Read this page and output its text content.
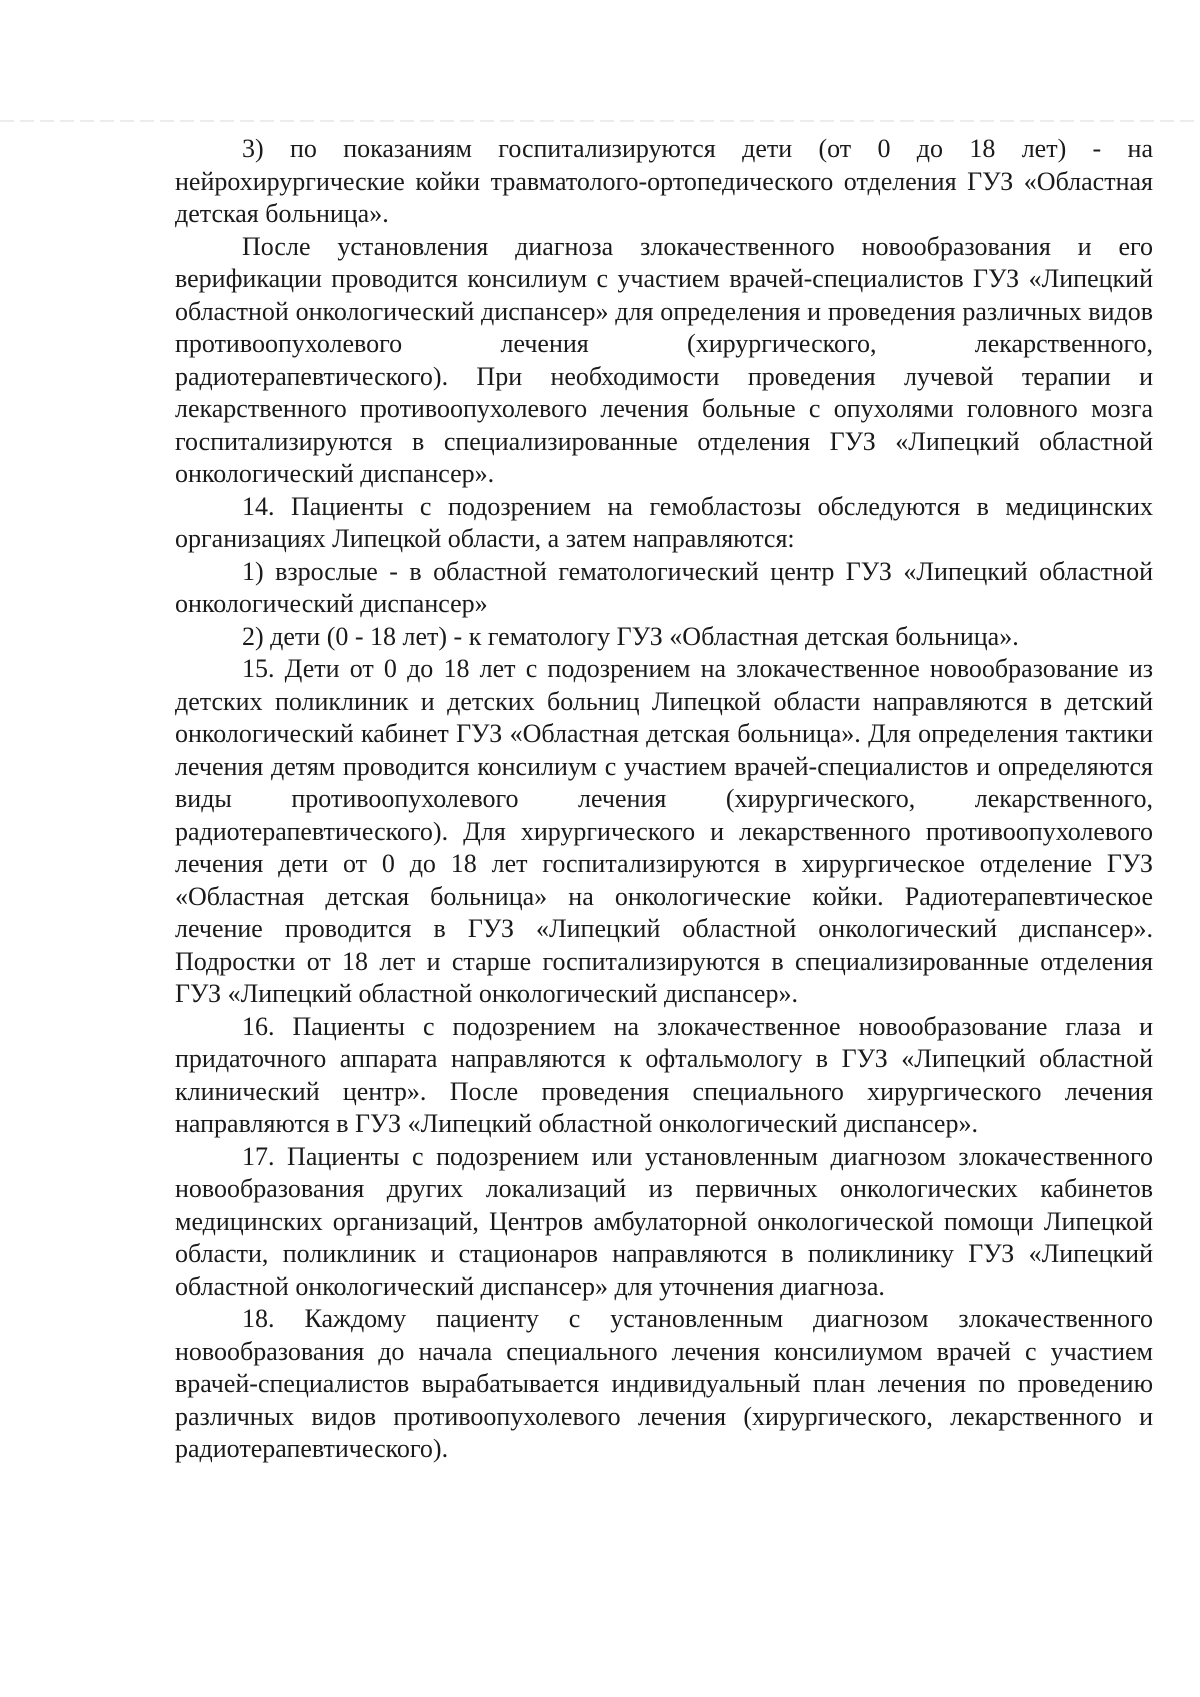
3) по показаниям госпитализируются дети (от 0 до 18 лет) - на нейрохирургические койки травматолого-ортопедического отделения ГУЗ «Областная детская больница».

После установления диагноза злокачественного новообразования и его верификации проводится консилиум с участием врачей-специалистов ГУЗ «Липецкий областной онкологический диспансер» для определения и проведения различных видов противоопухолевого лечения (хирургического, лекарственного, радиотерапевтического). При необходимости проведения лучевой терапии и лекарственного противоопухолевого лечения больные с опухолями головного мозга госпитализируются в специализированные отделения ГУЗ «Липецкий областной онкологический диспансер».

14. Пациенты с подозрением на гемобластозы обследуются в медицинских организациях Липецкой области, а затем направляются:

1) взрослые - в областной гематологический центр ГУЗ «Липецкий областной онкологический диспансер»

2) дети (0 - 18 лет) - к гематологу ГУЗ «Областная детская больница».

15. Дети от 0 до 18 лет с подозрением на злокачественное новообразование из детских поликлиник и детских больниц Липецкой области направляются в детский онкологический кабинет ГУЗ «Областная детская больница». Для определения тактики лечения детям проводится консилиум с участием врачей-специалистов и определяются виды противоопухолевого лечения (хирургического, лекарственного, радиотерапевтического). Для хирургического и лекарственного противоопухолевого лечения дети от 0 до 18 лет госпитализируются в хирургическое отделение ГУЗ «Областная детская больница» на онкологические койки. Радиотерапевтическое лечение проводится в ГУЗ «Липецкий областной онкологический диспансер». Подростки от 18 лет и старше госпитализируются в специализированные отделения ГУЗ «Липецкий областной онкологический диспансер».

16. Пациенты с подозрением на злокачественное новообразование глаза и придаточного аппарата направляются к офтальмологу в ГУЗ «Липецкий областной клинический центр». После проведения специального хирургического лечения направляются в ГУЗ «Липецкий областной онкологический диспансер».

17. Пациенты с подозрением или установленным диагнозом злокачественного новообразования других локализаций из первичных онкологических кабинетов медицинских организаций, Центров амбулаторной онкологической помощи Липецкой области, поликлиник и стационаров направляются в поликлинику ГУЗ «Липецкий областной онкологический диспансер» для уточнения диагноза.

18. Каждому пациенту с установленным диагнозом злокачественного новообразования до начала специального лечения консилиумом врачей с участием врачей-специалистов вырабатывается индивидуальный план лечения по проведению различных видов противоопухолевого лечения (хирургического, лекарственного и радиотерапевтического).
